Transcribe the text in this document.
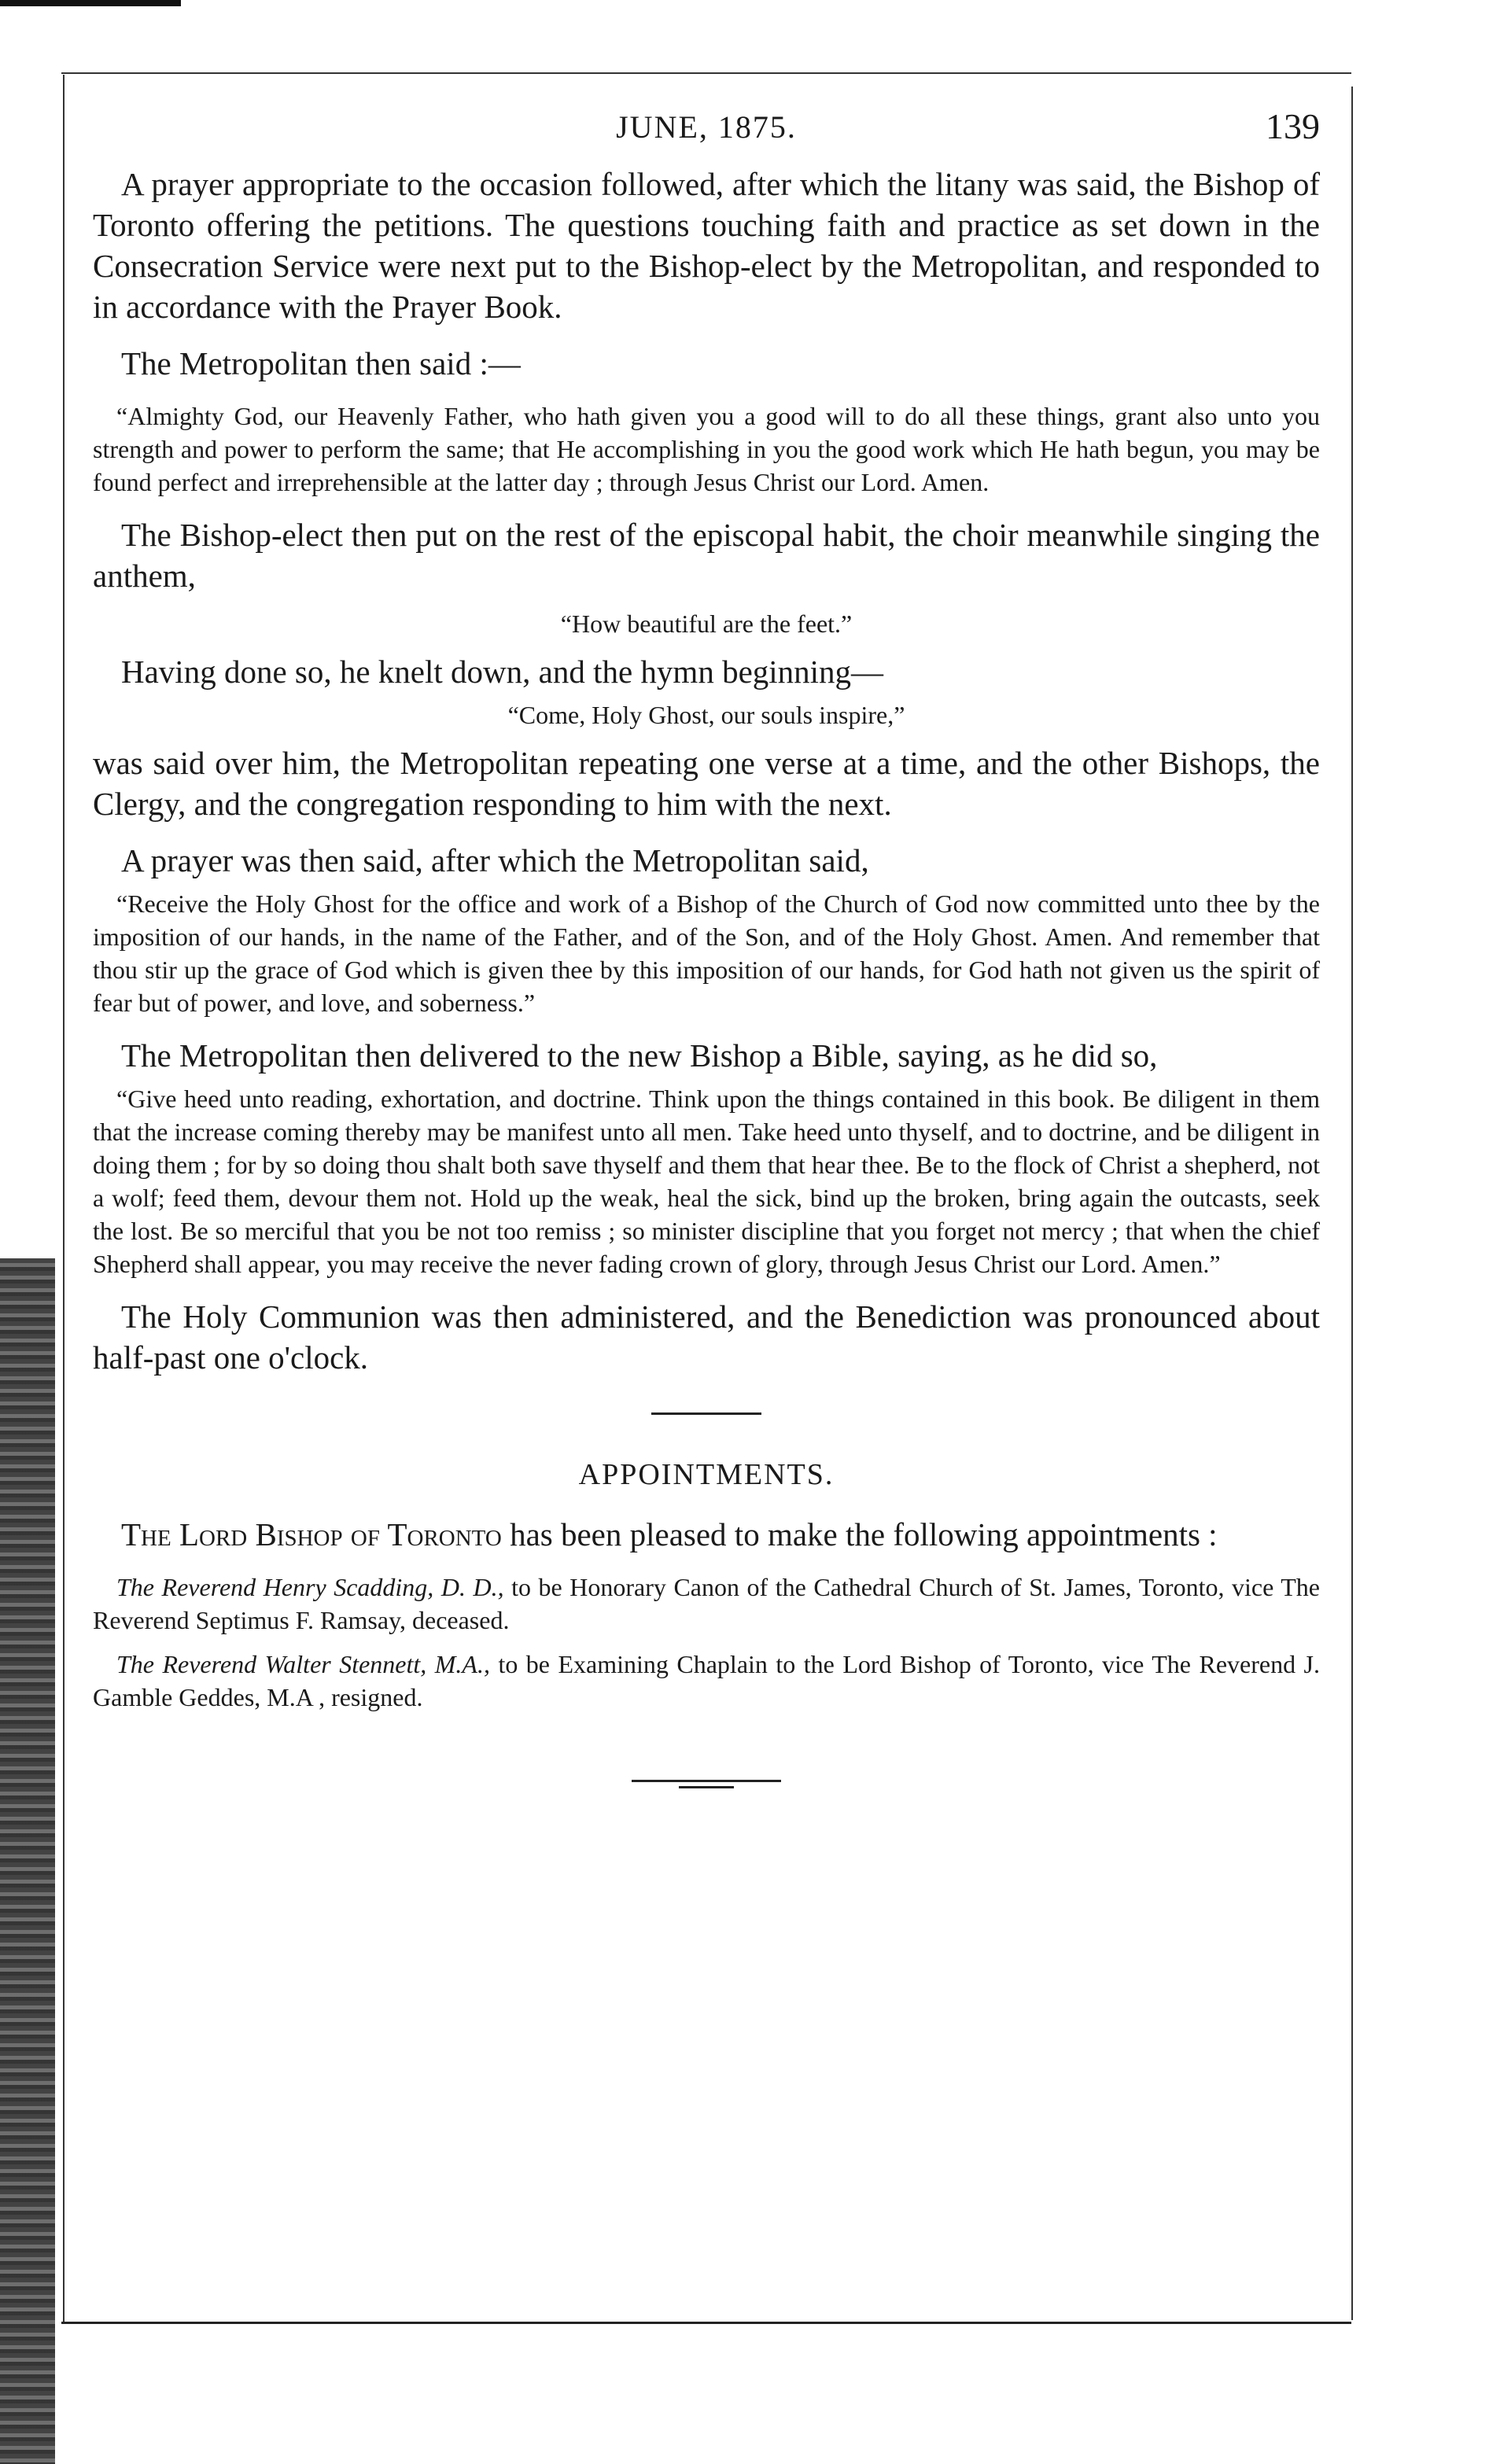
JUNE, 1875.	139

A prayer appropriate to the occasion followed, after which the litany was said, the Bishop of Toronto offering the petitions. The questions touching faith and practice as set down in the Consecration Service were next put to the Bishop-elect by the Metropolitan, and responded to in accordance with the Prayer Book.

The Metropolitan then said :—

“Almighty God, our Heavenly Father, who hath given you a good will to do all these things, grant also unto you strength and power to perform the same; that He accomplishing in you the good work which He hath begun, you may be found perfect and irreprehensible at the latter day ; through Jesus Christ our Lord. Amen.

The Bishop-elect then put on the rest of the episcopal habit, the choir meanwhile singing the anthem,

“How beautiful are the feet.”

Having done so, he knelt down, and the hymn beginning—

“Come, Holy Ghost, our souls inspire,”

was said over him, the Metropolitan repeating one verse at a time, and the other Bishops, the Clergy, and the congregation responding to him with the next.

A prayer was then said, after which the Metropolitan said,

“Receive the Holy Ghost for the office and work of a Bishop of the Church of God now committed unto thee by the imposition of our hands, in the name of the Father, and of the Son, and of the Holy Ghost. Amen. And remember that thou stir up the grace of God which is given thee by this imposition of our hands, for God hath not given us the spirit of fear but of power, and love, and soberness.”

The Metropolitan then delivered to the new Bishop a Bible, saying, as he did so,

“Give heed unto reading, exhortation, and doctrine. Think upon the things contained in this book. Be diligent in them that the increase coming thereby may be manifest unto all men. Take heed unto thyself, and to doctrine, and be diligent in doing them ; for by so doing thou shalt both save thyself and them that hear thee. Be to the flock of Christ a shepherd, not a wolf; feed them, devour them not. Hold up the weak, heal the sick, bind up the broken, bring again the outcasts, seek the lost. Be so merciful that you be not too remiss ; so minister discipline that you forget not mercy ; that when the chief Shepherd shall appear, you may receive the never fading crown of glory, through Jesus Christ our Lord. Amen.”

The Holy Communion was then administered, and the Benediction was pronounced about half-past one o'clock.

APPOINTMENTS.

The Lord Bishop of Toronto has been pleased to make the following appointments :

The Reverend Henry Scadding, D. D., to be Honorary Canon of the Cathedral Church of St. James, Toronto, vice The Reverend Septimus F. Ramsay, deceased.

The Reverend Walter Stennett, M.A., to be Examining Chaplain to the Lord Bishop of Toronto, vice The Reverend J. Gamble Geddes, M.A , resigned.
